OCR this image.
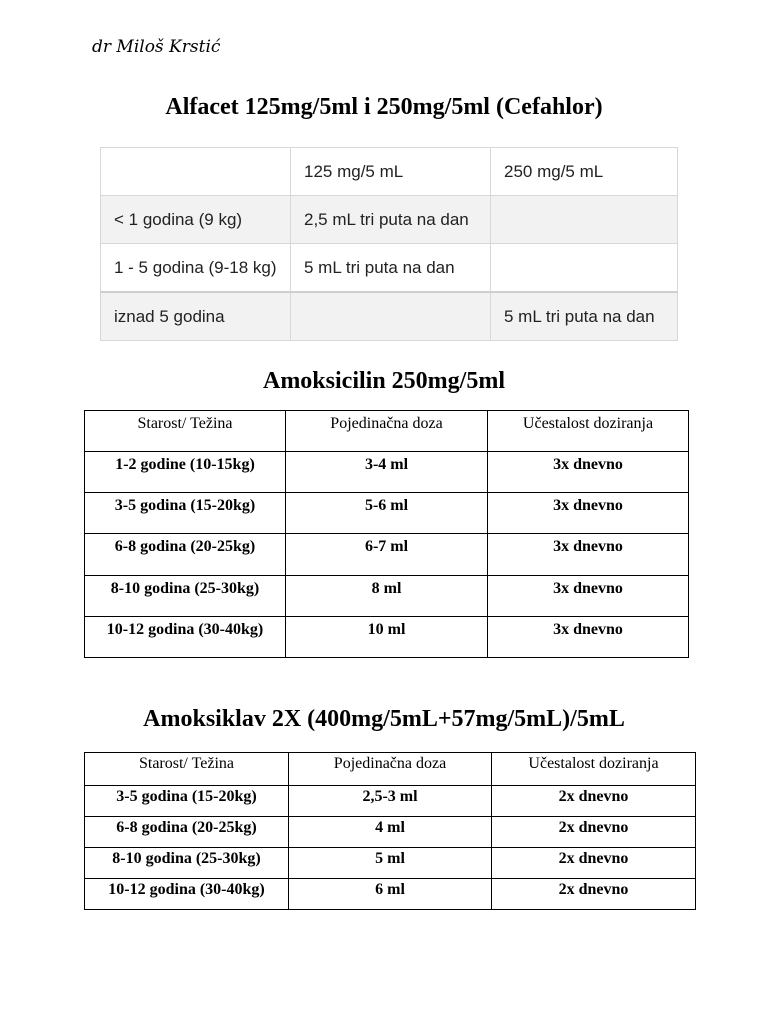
dr Miloš Krstić
Alfacet 125mg/5ml i 250mg/5ml (Cefahlor)
	125 mg/5 mL	250 mg/5 mL
< 1 godina (9 kg)	2,5 mL tri puta na dan	
1 - 5 godina (9-18 kg)	5 mL tri puta na dan	
iznad 5 godina		5 mL tri puta na dan
Amoksicilin 250mg/5ml
Starost/ Težina	Pojedinačna doza	Učestalost doziranja
1-2 godine (10-15kg)	3-4 ml	3x dnevno
3-5 godina (15-20kg)	5-6 ml	3x dnevno
6-8 godina (20-25kg)	6-7 ml	3x dnevno
8-10 godina (25-30kg)	8 ml	3x dnevno
10-12 godina (30-40kg)	10 ml	3x dnevno
Amoksiklav 2X (400mg/5mL+57mg/5mL)/5mL
Starost/ Težina	Pojedinačna doza	Učestalost doziranja
3-5 godina (15-20kg)	2,5-3 ml	2x dnevno
6-8 godina (20-25kg)	4 ml	2x dnevno
8-10 godina (25-30kg)	5 ml	2x dnevno
10-12 godina (30-40kg)	6 ml	2x dnevno
